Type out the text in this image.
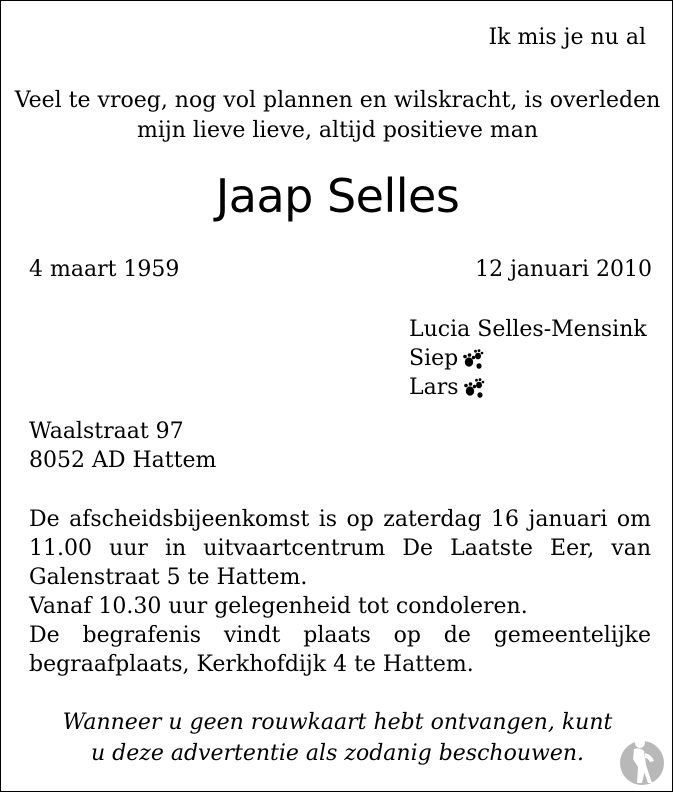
Ik mis je nu al
Veel te vroeg, nog vol plannen en wilskracht, is overleden
mijn lieve lieve, altijd positieve man
Jaap Selles
4 maart 1959	12 januari 2010
Lucia Selles-Mensink
Siep
Lars
Waalstraat 97
8052 AD Hattem

De afscheidsbijeenkomst is op zaterdag 16 januari om 11.00 uur in uitvaartcentrum De Laatste Eer, van Galenstraat 5 te Hattem.

Vanaf 10.30 uur gelegenheid tot condoleren.

De begrafenis vindt plaats op de gemeentelijke begraafplaats, Kerkhofdijk 4 te Hattem.

Wanneer u geen rouwkaart hebt ontvangen, kunt
u deze advertentie als zodanig beschouwen.
